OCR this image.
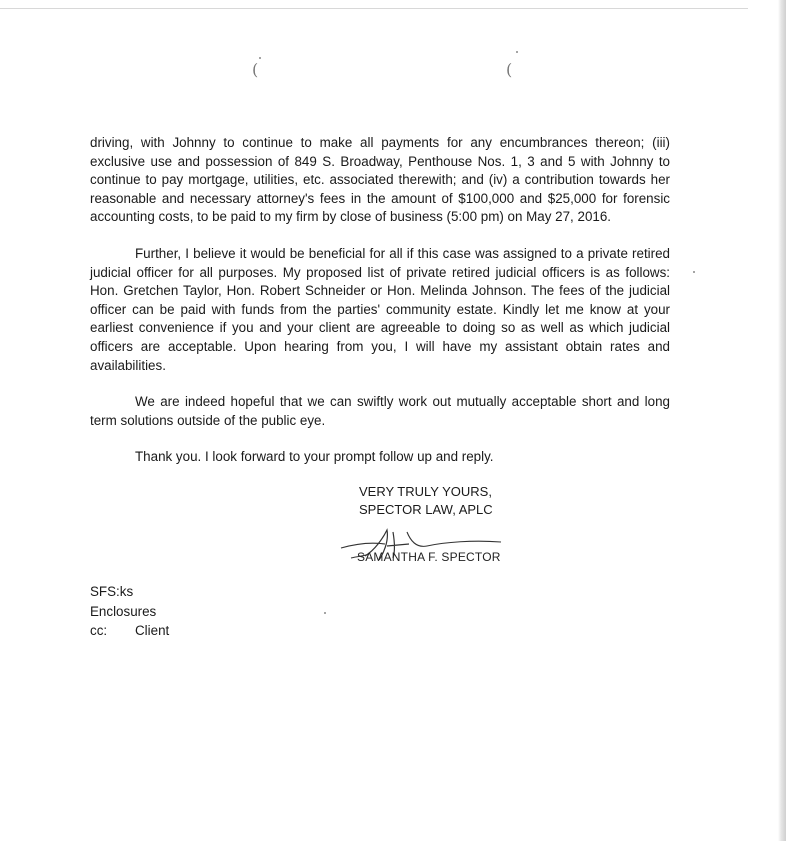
(	(

driving, with Johnny to continue to make all payments for any encumbrances thereon; (iii) exclusive use and possession of 849 S. Broadway, Penthouse Nos. 1, 3 and 5 with Johnny to continue to pay mortgage, utilities, etc. associated therewith; and (iv) a contribution towards her reasonable and necessary attorney's fees in the amount of $100,000 and $25,000 for forensic accounting costs, to be paid to my firm by close of business (5:00 pm) on May 27, 2016.

Further, I believe it would be beneficial for all if this case was assigned to a private retired judicial officer for all purposes. My proposed list of private retired judicial officers is as follows: Hon. Gretchen Taylor, Hon. Robert Schneider or Hon. Melinda Johnson. The fees of the judicial officer can be paid with funds from the parties' community estate. Kindly let me know at your earliest convenience if you and your client are agreeable to doing so as well as which judicial officers are acceptable. Upon hearing from you, I will have my assistant obtain rates and availabilities.

We are indeed hopeful that we can swiftly work out mutually acceptable short and long term solutions outside of the public eye.

Thank you. I look forward to your prompt follow up and reply.

VERY TRULY YOURS,
SPECTOR LAW, APLC
SAMANTHA F. SPECTOR
SFS:ks
Enclosures
cc:	Client
